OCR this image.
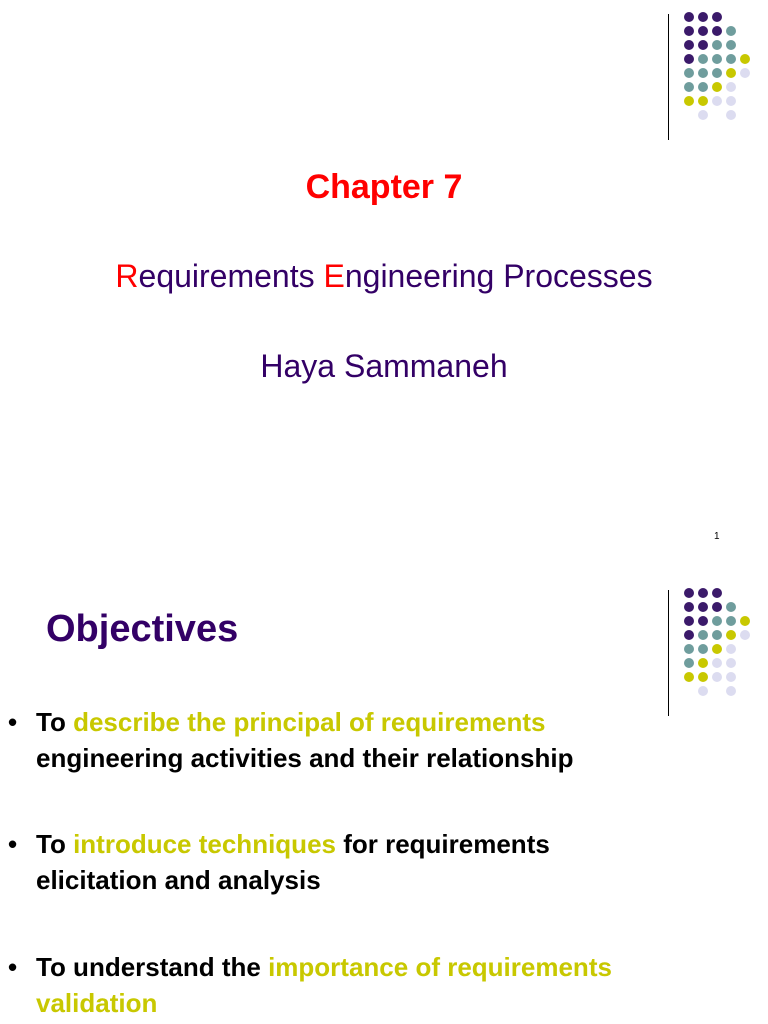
Chapter 7
Requirements Engineering Processes
Haya Sammaneh
1
Objectives
• To describe the principal of requirements
engineering activities and their relationship
• To introduce techniques for requirements elicitation and analysis
• To understand the importance of requirements validation
